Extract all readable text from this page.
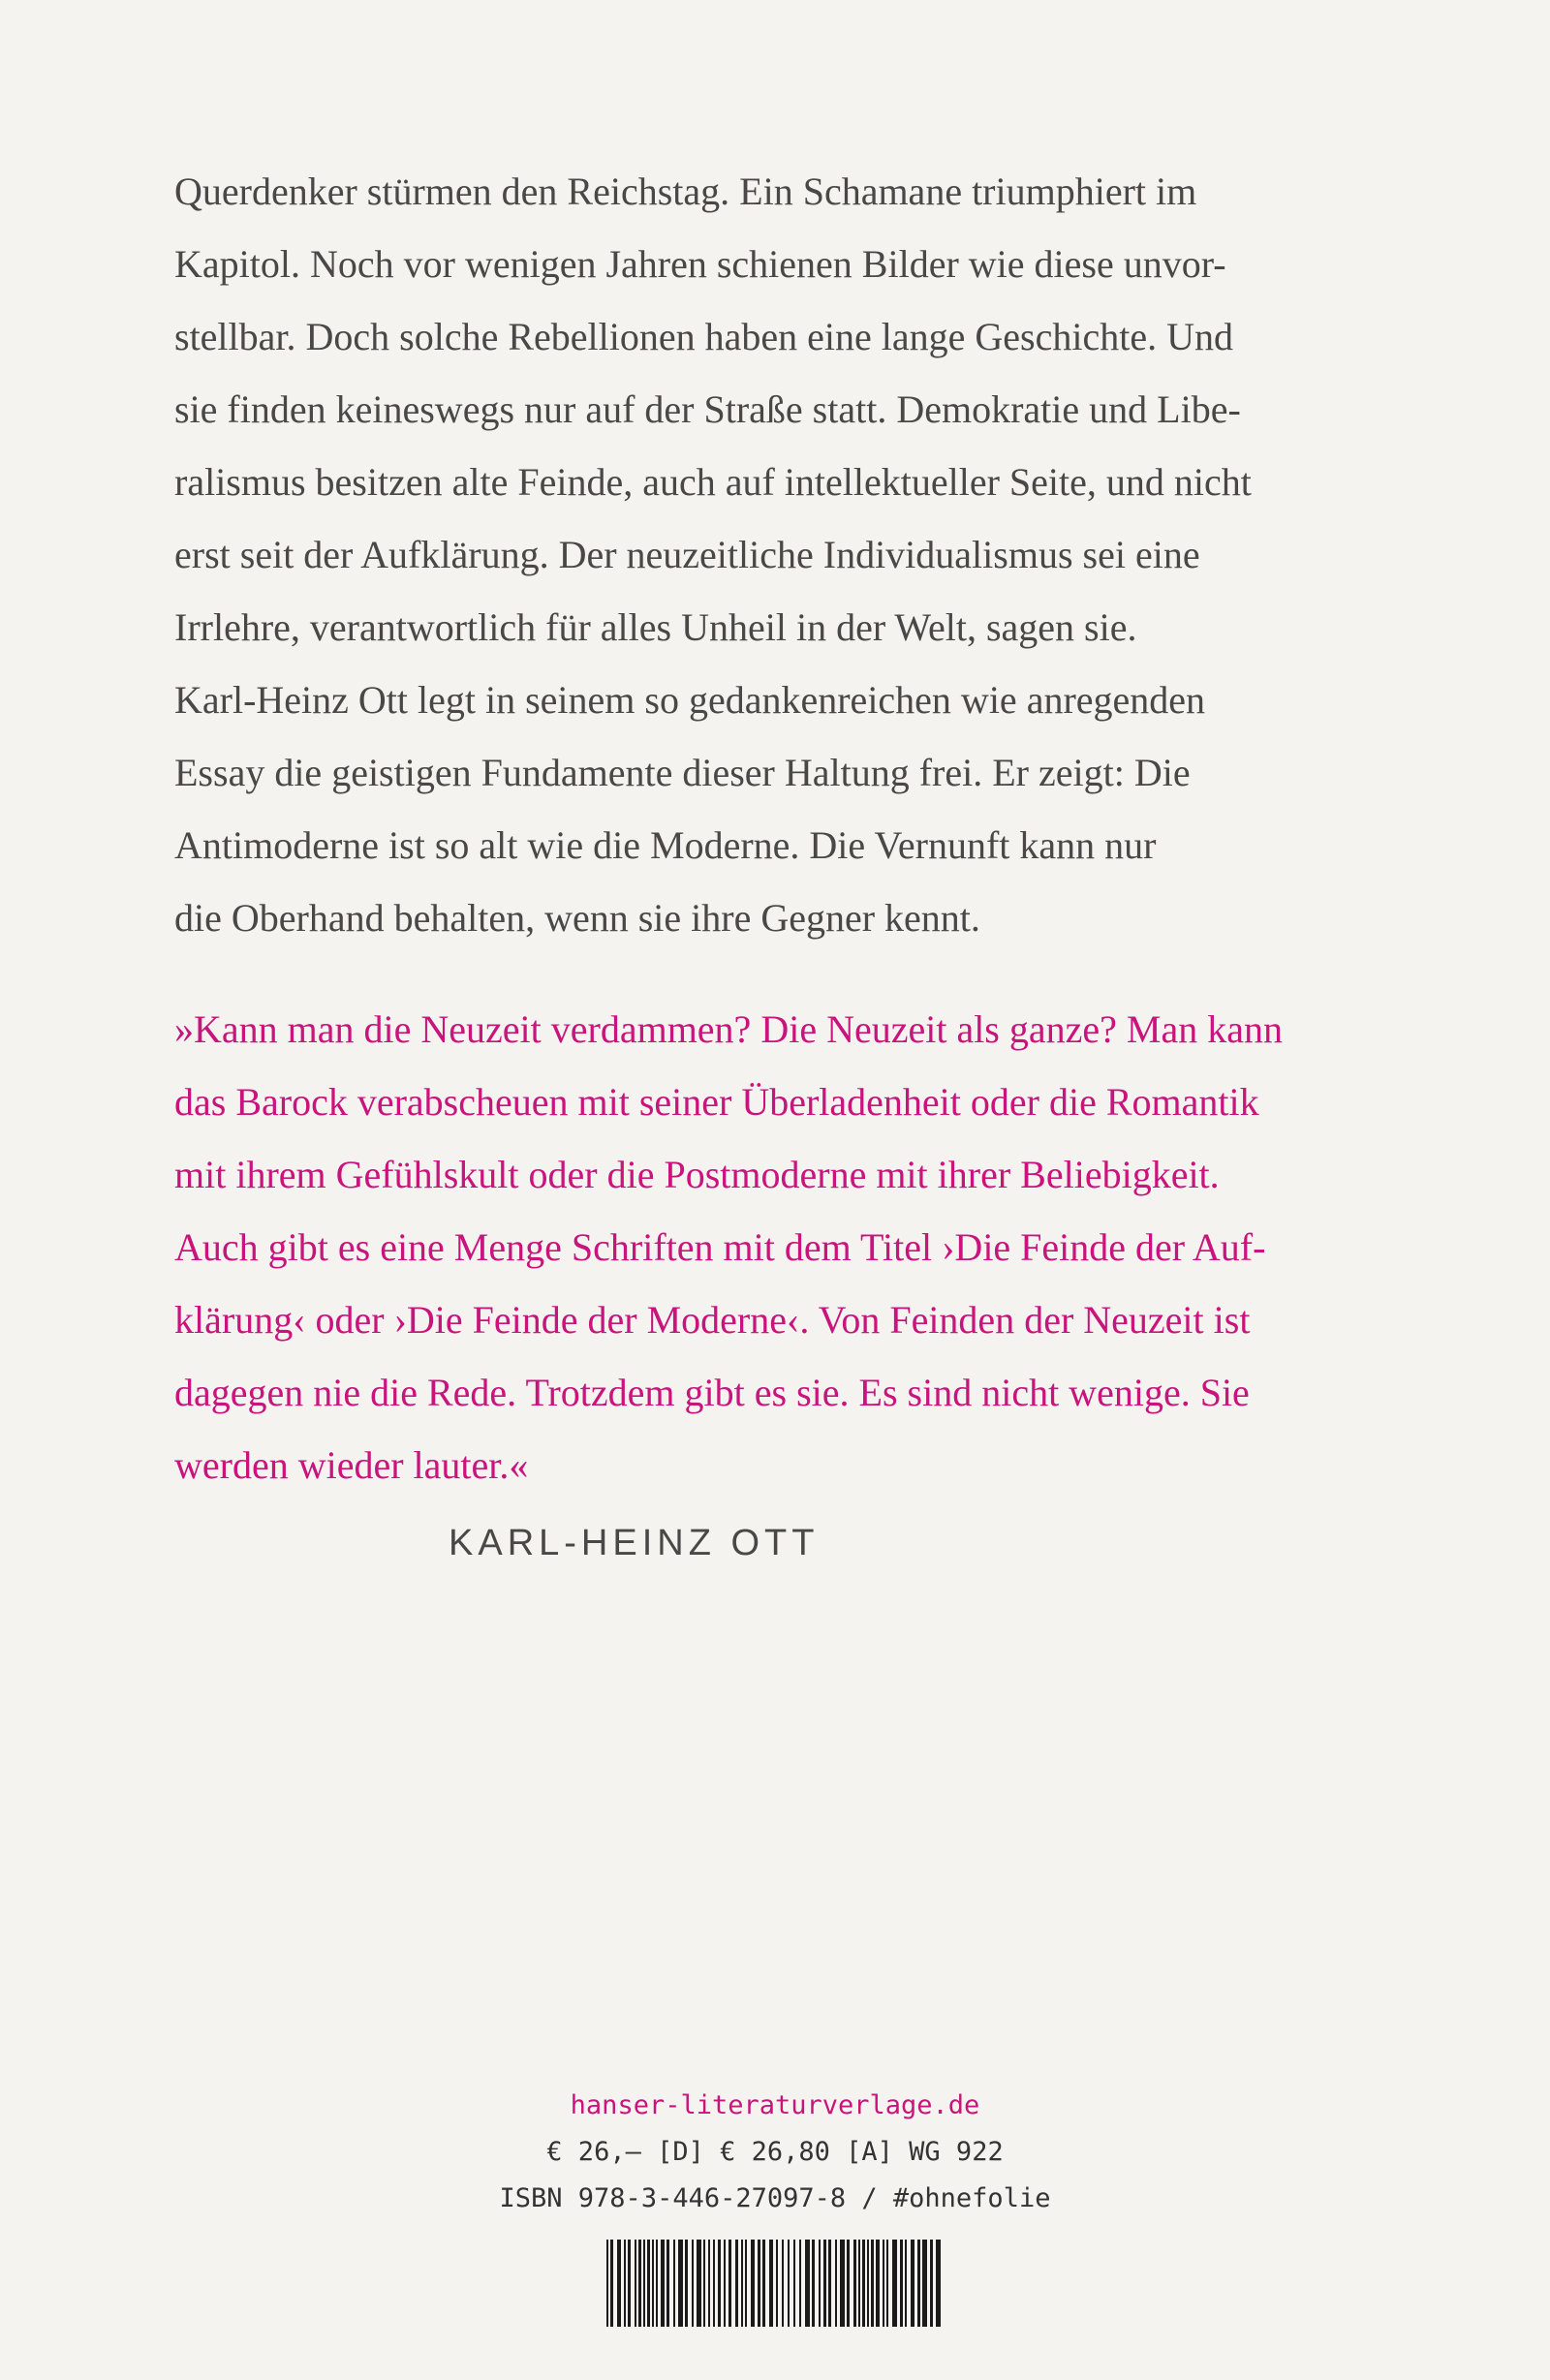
Querdenker stürmen den Reichstag. Ein Schamane triumphiert im
Kapitol. Noch vor wenigen Jahren schienen Bilder wie diese unvor-
stellbar. Doch solche Rebellionen haben eine lange Geschichte. Und
sie finden keineswegs nur auf der Straße statt. Demokratie und Libe-
ralismus besitzen alte Feinde, auch auf intellektueller Seite, und nicht
erst seit der Aufklärung. Der neuzeitliche Individualismus sei eine
Irrlehre, verantwortlich für alles Unheil in der Welt, sagen sie.
Karl-Heinz Ott legt in seinem so gedankenreichen wie anregenden
Essay die geistigen Fundamente dieser Haltung frei. Er zeigt: Die
Antimoderne ist so alt wie die Moderne. Die Vernunft kann nur
die Oberhand behalten, wenn sie ihre Gegner kennt.
»Kann man die Neuzeit verdammen? Die Neuzeit als ganze? Man kann
das Barock verabscheuen mit seiner Überladenheit oder die Romantik
mit ihrem Gefühlskult oder die Postmoderne mit ihrer Beliebigkeit.
Auch gibt es eine Menge Schriften mit dem Titel ›Die Feinde der Auf-
klärung‹ oder ›Die Feinde der Moderne‹. Von Feinden der Neuzeit ist
dagegen nie die Rede. Trotzdem gibt es sie. Es sind nicht wenige. Sie
werden wieder lauter.«
KARL-HEINZ OTT
hanser-literaturverlage.de
€ 26,– [D] € 26,80 [A] WG 922
ISBN 978-3-446-27097-8 / #ohnefolie
